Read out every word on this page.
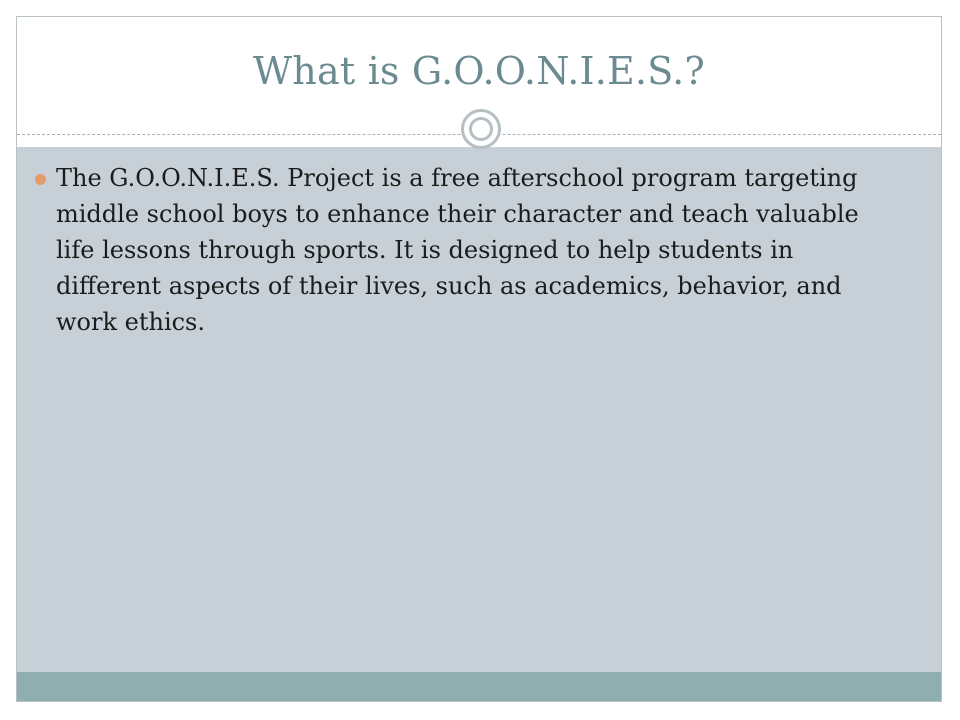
What is G.O.O.N.I.E.S.?
The G.O.O.N.I.E.S. Project is a free afterschool program targeting middle school boys to enhance their character and teach valuable life lessons through sports. It is designed to help students in different aspects of their lives, such as academics, behavior, and work ethics.
